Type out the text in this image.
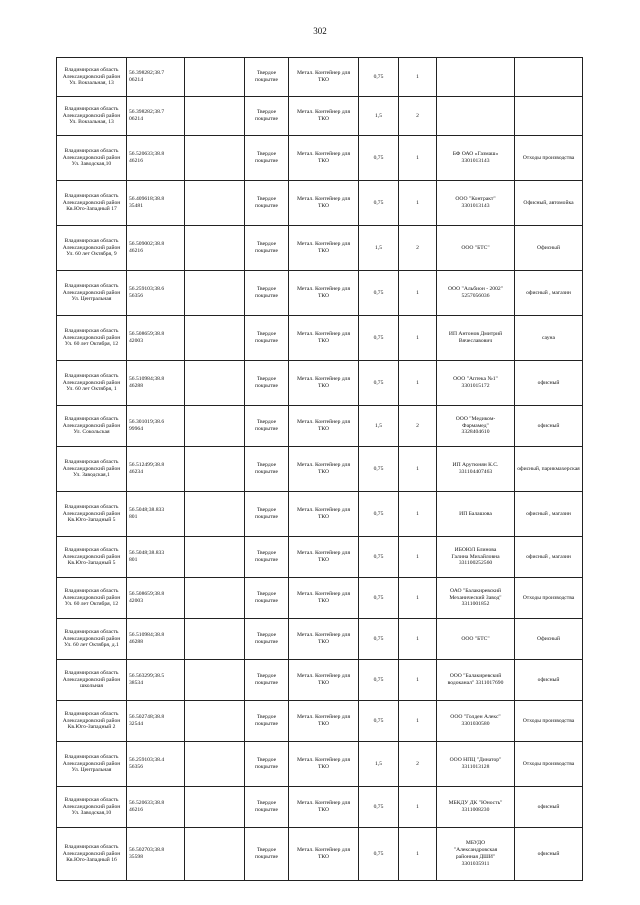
302
Владимирская область
Александровский район
Ул. Вокзальная, 13	56.398282;38.7
06214		Твердое
покрытие	Метал. Контейнер для
ТКО	0,75	1		

Владимирская область
Александровский район
Ул. Вокзальная, 13	56.398282;38.7
06214		Твердое
покрытие	Метал. Контейнер для
ТКО	1,5	2		

Владимирская область
Александровский район
Ул. Заводская,10	56.520633;38.8
46216		Твердое
покрытие	Метал. Контейнер для
ТКО	0,75	1	БФ ОАО «Газмаш»
3301013143	Отходы производства

Владимирская область
Александровский район
Кв.Юго-Западный 17	56.409618;38.8
35481		Твердое
покрытие	Метал. Контейнер для
ТКО	0,75	1	ООО "Контракт"
3301013143	Офисный, автомойка

Владимирская область
Александровский район
Ул. 60 лет Октября, 9	56.509002;38.8
46216		Твердое
покрытие	Метал. Контейнер для
ТКО	1,5	2	ООО "БТС"	Офисный

Владимирская область
Александровский район
Ул. Центральная	56.259103;38.6
56356		Твердое
покрытие	Метал. Контейнер для
ТКО	0,75	1	ООО "Альбион - 2002"
5257056036	офисный , магазин

Владимирская область
Александровский район
Ул. 60 лет Октября, 12	56.508659;38.8
42003		Твердое
покрытие	Метал. Контейнер для
ТКО	0,75	1	ИП Антонов Дмитрий
Вячеславович	сауна

Владимирская область
Александровский район
Ул. 60 лет Октября, 1	56.510984;38.8
46288		Твердое
покрытие	Метал. Контейнер для
ТКО	0,75	1	ООО "Аптека №1"
3301015172	офисный

Владимирская область
Александровский район
Ул. Сокольская	56.301019;38.6
99964		Твердое
покрытие	Метал. Контейнер для
ТКО	1,5	2	ООО "Медиком-
Фармамед"
3328404610	офисный

Владимирская область
Александровский район
Ул. Заводская,1	56.512499;38.8
46234		Твердое
покрытие	Метал. Контейнер для
ТКО	0,75	1	ИП Арутюнян К.С.
331104407463	офисный, парикмахерская

Владимирская область
Александровский район
Кв.Юго-Западный 5	56.5048;38.833
801		Твердое
покрытие	Метал. Контейнер для
ТКО	0,75	1	ИП Балашова	офисный , магазин

Владимирская область
Александровский район
Кв.Юго-Западный 5	56.5048;38.833
801		Твердое
покрытие	Метал. Контейнер для
ТКО	0,75	1	ИБОЮЛ Блинова
Галина Михайловна
331100252560	офисный , магазин

Владимирская область
Александровский район
Ул. 60 лет Октября, 12	56.508659;38.8
42003		Твердое
покрытие	Метал. Контейнер для
ТКО	0,75	1	ОАО "Балакиревский
Механический Завод"
3311001852	Отходы производства

Владимирская область
Александровский район
Ул. 60 лет Октября, д.1	56.510984;38.8
46288		Твердое
покрытие	Метал. Контейнер для
ТКО	0,75	1	ООО "БТС"	Офисный

Владимирская область
Александровский район
школьная	56.563299;38.5
38534		Твердое
покрытие	Метал. Контейнер для
ТКО	0,75	1	ООО "Балакиревский
водоканал" 3311017690	офисный

Владимирская область
Александровский район
Кв.Юго-Западный 2	56.502748;38.8
32544		Твердое
покрытие	Метал. Контейнер для
ТКО	0,75	1	ООО "Голден Алекс"
3301030580	Отходы производства

Владимирская область
Александровский район
Ул. Центральная	56.259103;38.4
56356		Твердое
покрытие	Метал. Контейнер для
ТКО	1,5	2	ООО НПЦ "Динатор"
3311013128	Отходы производства

Владимирская область
Александровский район
Ул. Заводская,10	56.520633;38.8
46216		Твердое
покрытие	Метал. Контейнер для
ТКО	0,75	1	МБКДУ ДК "Юность"
3311008230	офисный

Владимирская область
Александровский район
Кв.Юго-Западный 16	56.502703;38.8
35598		Твердое
покрытие	Метал. Контейнер для
ТКО	0,75	1	МБУДО
"Александровская
районная ДШИ"
3301035911	офисный
